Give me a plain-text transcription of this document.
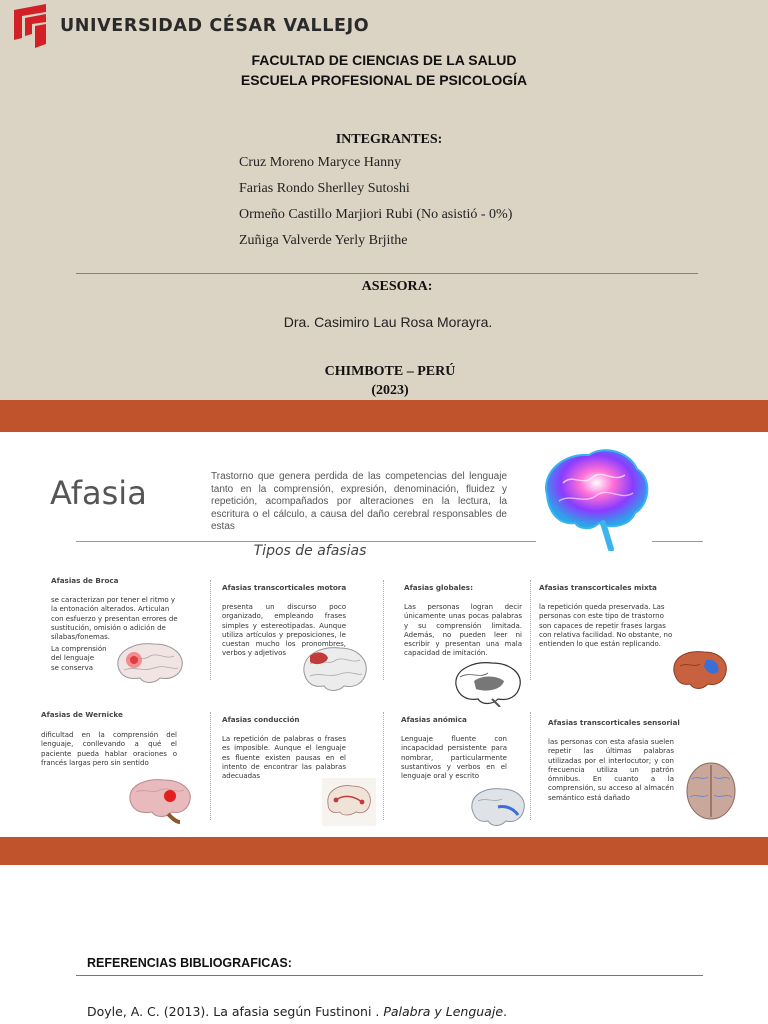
UNIVERSIDAD CÉSAR VALLEJO
FACULTAD DE CIENCIAS DE LA SALUD
ESCUELA PROFESIONAL DE PSICOLOGÍA
INTEGRANTES:
Cruz Moreno Maryce Hanny
Farias Rondo Sherlley Sutoshi
Ormeño Castillo Marjiori Rubi (No asistió - 0%)
Zuñiga Valverde Yerly Brjithe
ASESORA:
Dra. Casimiro Lau Rosa Morayra.
CHIMBOTE – PERÚ
(2023)
Afasia	Trastorno que genera perdida de las competencias del lenguaje tanto en la comprensión, expresión, denominación, fluidez y repetición, acompañados por alteraciones en la lectura, la escritura o el cálculo, a causa del daño cerebral responsables de estas
Tipos de afasias
Afasias de Broca
se caracterizan por tener el ritmo y la entonación alterados. Articulan con esfuerzo y presentan errores de sustitución, omisión o adición de sílabas/fonemas.
La comprensión
del lenguaje
se conserva
Afasias transcorticales motora
presenta un discurso poco organizado, empleando frases simples y estereotipadas. Aunque utiliza artículos y preposiciones, le cuestan mucho los pronombres, verbos y adjetivos
Afasias globales:
Las personas logran decir únicamente unas pocas palabras y su comprensión limitada. Además, no pueden leer ni escribir y presentan una mala capacidad de imitación.
Afasias transcorticales mixta
la repetición queda preservada. Las personas con este tipo de trastorno son capaces de repetir frases largas con relativa facilidad. No obstante, no entienden lo que están replicando.
Afasias de Wernicke
dificultad en la comprensión del lenguaje, conllevando a qué el paciente pueda hablar oraciones o francés largas pero sin sentido
Afasias conducción
La repetición de palabras o frases es imposible. Aunque el lenguaje es fluente existen pausas en el intento de encontrar las palabras adecuadas
Afasias anómica
Lenguaje fluente con incapacidad persistente para nombrar, particularmente sustantivos y verbos en el lenguaje oral y escrito
Afasias transcorticales sensorial
las personas con esta afasia suelen repetir las últimas palabras utilizadas por el interlocutor; y con frecuencia utiliza un patrón ómnibus. En cuanto a la comprensión, su acceso al almacén semántico está dañado
REFERENCIAS BIBLIOGRAFICAS:
Doyle, A. C. (2013). La afasia según Fustinoni . Palabra y Lenguaje.
